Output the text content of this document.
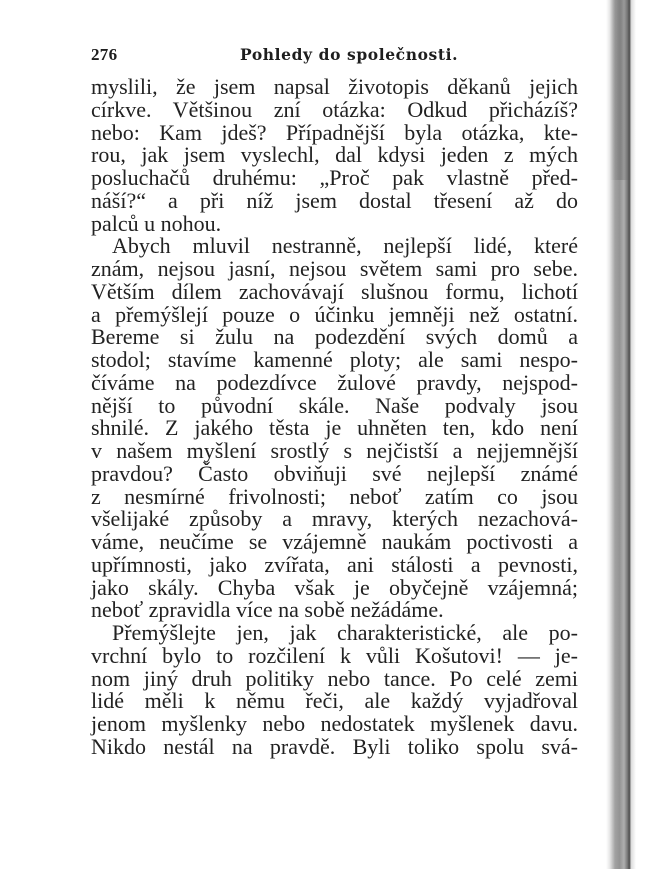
276	Pohledy do společnosti.
myslili, že jsem napsal životopis děkanů jejich
církve. Většinou zní otázka: Odkud přicházíš?
nebo: Kam jdeš? Případnější byla otázka, kte-
rou, jak jsem vyslechl, dal kdysi jeden z mých
posluchačů druhému: „Proč pak vlastně před-
náší?“ a při níž jsem dostal třesení až do
palců u nohou.
Abych mluvil nestranně, nejlepší lidé, které
znám, nejsou jasní, nejsou světem sami pro sebe.
Větším dílem zachovávají slušnou formu, lichotí
a přemýšlejí pouze o účinku jemněji než ostatní.
Bereme si žulu na podezdění svých domů a
stodol; stavíme kamenné ploty; ale sami nespo-
číváme na podezdívce žulové pravdy, nejspod-
nější to původní skále. Naše podvaly jsou
shnilé. Z jakého těsta je uhněten ten, kdo není
v našem myšlení srostlý s nejčistší a nejjemnější
pravdou? Často obviňuji své nejlepší známé
z nesmírné frivolnosti; neboť zatím co jsou
všelijaké způsoby a mravy, kterých nezachová-
váme, neučíme se vzájemně naukám poctivosti a
upřímnosti, jako zvířata, ani stálosti a pevnosti,
jako skály. Chyba však je obyčejně vzájemná;
neboť zpravidla více na sobě nežádáme.
Přemýšlejte jen, jak charakteristické, ale po-
vrchní bylo to rozčilení k vůli Košutovi! — je-
nom jiný druh politiky nebo tance. Po celé zemi
lidé měli k němu řeči, ale každý vyjadřoval
jenom myšlenky nebo nedostatek myšlenek davu.
Nikdo nestál na pravdě. Byli toliko spolu svá-
